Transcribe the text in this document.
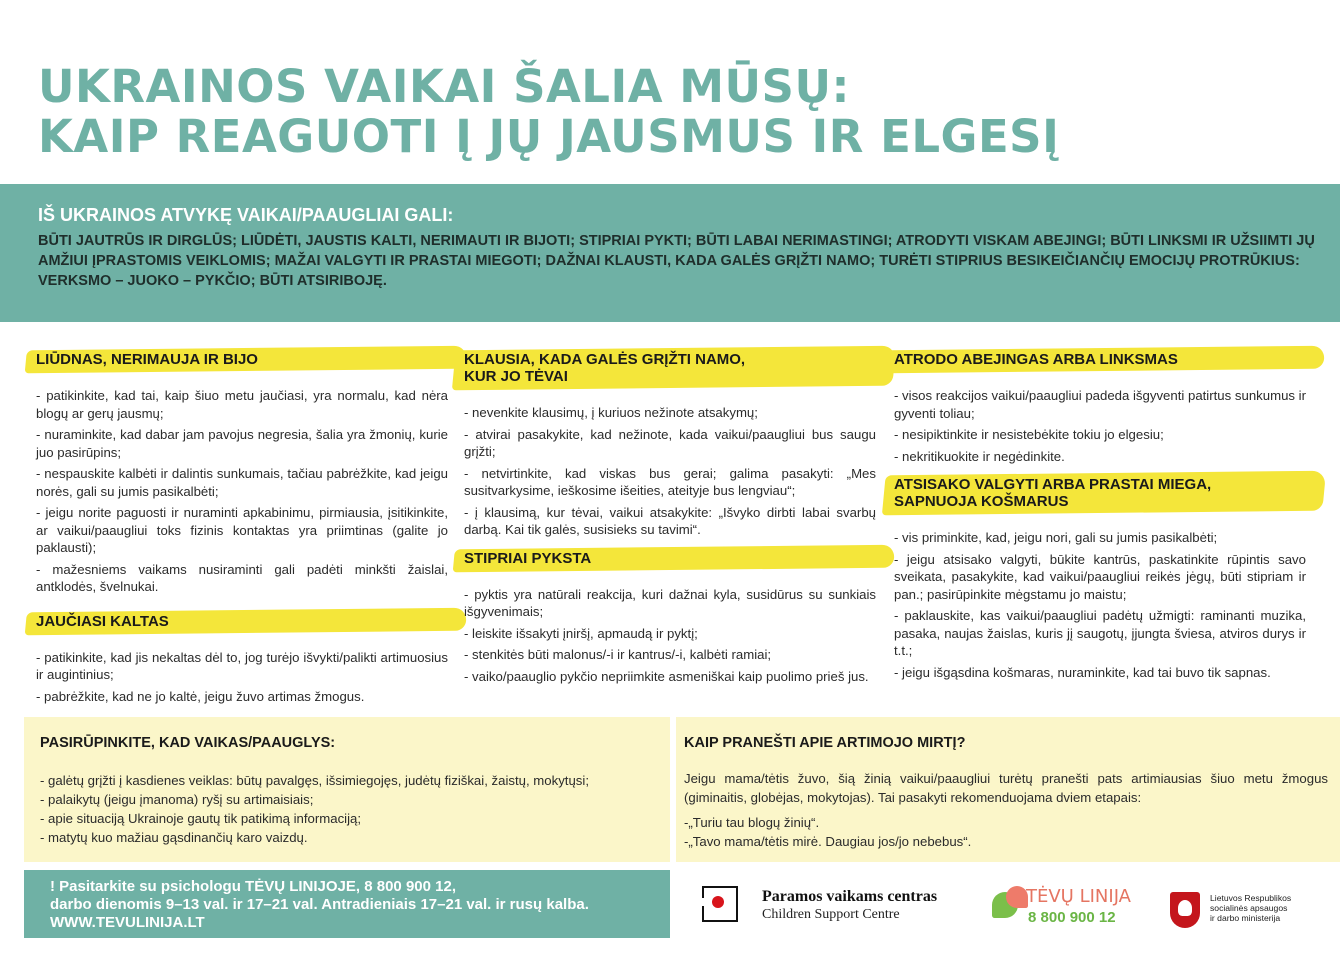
UKRAINOS VAIKAI ŠALIA MŪSŲ:
KAIP REAGUOTI Į JŲ JAUSMUS IR ELGESĮ
IŠ UKRAINOS ATVYKĘ VAIKAI/PAAUGLIAI GALI:
BŪTI JAUTRŪS IR DIRGLŪS; LIŪDĖTI, JAUSTIS KALTI, NERIMAUTI IR BIJOTI; STIPRIAI PYKTI; BŪTI LABAI NERIMASTINGI; ATRODYTI VISKAM ABEJINGI; BŪTI LINKSMI IR UŽSIIMTI JŲ AMŽIUI ĮPRASTOMIS VEIKLOMIS; MAŽAI VALGYTI IR PRASTAI MIEGOTI; DAŽNAI KLAUSTI, KADA GALĖS GRĮŽTI NAMO; TURĖTI STIPRIUS BESIKEIČIANČIŲ EMOCIJŲ PROTRŪKIUS: VERKSMO – JUOKO – PYKČIO; BŪTI ATSIRIBOJĘ.
LIŪDNAS, NERIMAUJA IR BIJO
- patikinkite, kad tai, kaip šiuo metu jaučiasi, yra normalu, kad nėra blogų ar gerų jausmų;
- nuraminkite, kad dabar jam pavojus negresia, šalia yra žmonių, kurie juo pasirūpins;
- nespauskite kalbėti ir dalintis sunkumais, tačiau pabrėžkite, kad jeigu norės, gali su jumis pasikalbėti;
- jeigu norite paguosti ir nuraminti apkabinimu, pirmiausia, įsitikinkite, ar vaikui/paaugliui toks fizinis kontaktas yra priimtinas (galite jo paklausti);
- mažesniems vaikams nusiraminti gali padėti minkšti žaislai, antklodės, švelnukai.
JAUČIASI KALTAS
- patikinkite, kad jis nekaltas dėl to, jog turėjo išvykti/palikti artimuosius ir augintinius;
- pabrėžkite, kad ne jo kaltė, jeigu žuvo artimas žmogus.
KLAUSIA, KADA GALĖS GRĮŽTI NAMO,
KUR JO TĖVAI
- nevenkite klausimų, į kuriuos nežinote atsakymų;
- atvirai pasakykite, kad nežinote, kada vaikui/paaugliui bus saugu grįžti;
- netvirtinkite, kad viskas bus gerai; galima pasakyti: „Mes susitvarkysime, ieškosime išeities, ateityje bus lengviau“;
- į klausimą, kur tėvai, vaikui atsakykite: „Išvyko dirbti labai svarbų darbą. Kai tik galės, susisieks su tavimi“.
STIPRIAI PYKSTA
- pyktis yra natūrali reakcija, kuri dažnai kyla, susidūrus su sunkiais išgyvenimais;
- leiskite išsakyti įniršį, apmaudą ir pyktį;
- stenkitės būti malonus/-i ir kantrus/-i, kalbėti ramiai;
- vaiko/paauglio pykčio nepriimkite asmeniškai kaip puolimo prieš jus.
ATRODO ABEJINGAS ARBA LINKSMAS
- visos reakcijos vaikui/paaugliui padeda išgyventi patirtus sunkumus ir gyventi toliau;
- nesipiktinkite ir nesistebėkite tokiu jo elgesiu;
- nekritikuokite ir negėdinkite.
ATSISAKO VALGYTI ARBA PRASTAI MIEGA,
SAPNUOJA KOŠMARUS
- vis priminkite, kad, jeigu nori, gali su jumis pasikalbėti;
- jeigu atsisako valgyti, būkite kantrūs, paskatinkite rūpintis savo sveikata, pasakykite, kad vaikui/paaugliui reikės jėgų, būti stipriam ir pan.; pasirūpinkite mėgstamu jo maistu;
- paklauskite, kas vaikui/paaugliui padėtų užmigti: raminanti muzika, pasaka, naujas žaislas, kuris jį saugotų, įjungta šviesa, atviros durys ir t.t.;
- jeigu išgąsdina košmaras, nuraminkite, kad tai buvo tik sapnas.
PASIRŪPINKITE, KAD VAIKAS/PAAUGLYS:
- galėtų grįžti į kasdienes veiklas: būtų pavalgęs, išsimiegojęs, judėtų fiziškai, žaistų, mokytųsi;
- palaikytų (jeigu įmanoma) ryšį su artimaisiais;
- apie situaciją Ukrainoje gautų tik patikimą informaciją;
- matytų kuo mažiau gąsdinančių karo vaizdų.
KAIP PRANEŠTI APIE ARTIMOJO MIRTĮ?
Jeigu mama/tėtis žuvo, šią žinią vaikui/paaugliui turėtų pranešti pats artimiausias šiuo metu žmogus (giminaitis, globėjas, mokytojas). Tai pasakyti rekomenduojama dviem etapais:
-„Turiu tau blogų žinių“.
-„Tavo mama/tėtis mirė. Daugiau jos/jo nebebus“.
! Pasitarkite su psichologu TĖVŲ LINIJOJE, 8 800 900 12,
darbo dienomis 9–13 val. ir 17–21 val. Antradieniais 17–21 val. ir rusų kalba.
WWW.TEVULINIJA.LT
Paramos vaikams centras
Children Support Centre
TĖVŲ LINIJA
8 800 900 12
Lietuvos Respublikos
socialinės apsaugos
ir darbo ministerija
